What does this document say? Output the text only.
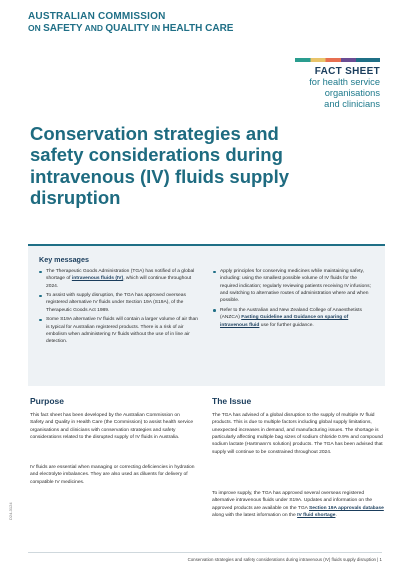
AUSTRALIAN COMMISSION
ON SAFETY AND QUALITY IN HEALTH CARE
FACT SHEET
for health service
organisations
and clinicians
Conservation strategies and
safety considerations during
intravenous (IV) fluids supply
disruption
Key messages
The Therapeutic Goods Administration (TGA) has notified of a global shortage of intravenous fluids (IV), which will continue throughout 2024.
To assist with supply disruption, the TGA has approved overseas registered alternative IV fluids under Section 19A (S19A), of the Therapeutic Goods Act 1989.
Some S19A alternative IV fluids will contain a larger volume of air than is typical for Australian registered products. There is a risk of air embolism when administering IV fluids without the use of in line air detection.
Apply principles for conserving medicines while maintaining safety, including: using the smallest possible volume of IV fluids for the required indication; regularly reviewing patients receiving IV infusions; and switching to alternative routes of administration where and when possible.
Refer to the Australian and New Zealand College of Anaesthetists (ANZCA) Fasting Guideline and Guidance on sparing of intravenous fluid use for further guidance.
Purpose

This fact sheet has been developed by the Australian Commission on Safety and Quality in Health Care (the Commission) to assist health service organisations and clinicians with conservation strategies and safety considerations related to the disrupted supply of IV fluids in Australia.

IV fluids are essential when managing or correcting deficiencies in hydration and electrolyte imbalances. They are also used as diluents for delivery of compatible IV medicines.

The Issue

The TGA has advised of a global disruption to the supply of multiple IV fluid products. This is due to multiple factors including global supply limitations, unexpected increases in demand, and manufacturing issues. The shortage is particularly affecting multiple bag sizes of sodium chloride 0.9% and compound sodium lactate (Hartmann's solution) products. The TGA has been advised that supply will continue to be constrained throughout 2024.

To improve supply, the TGA has approved several overseas registered alternative intravenous fluids under S19A. Updates and information on the approved products are available on the TGA Section 19A approvals database along with the latest information on the IV fluid shortage.

D24-3124
Conservation strategies and safety considerations during intravenous (IV) fluids supply disruption | 1
